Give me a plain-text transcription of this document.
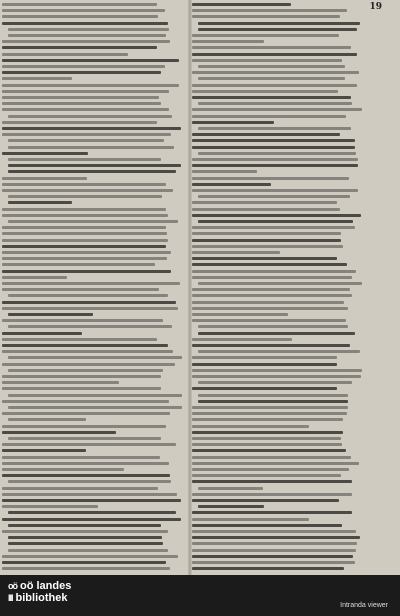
19
oö oö landes
III bibliothek
Intranda viewer
